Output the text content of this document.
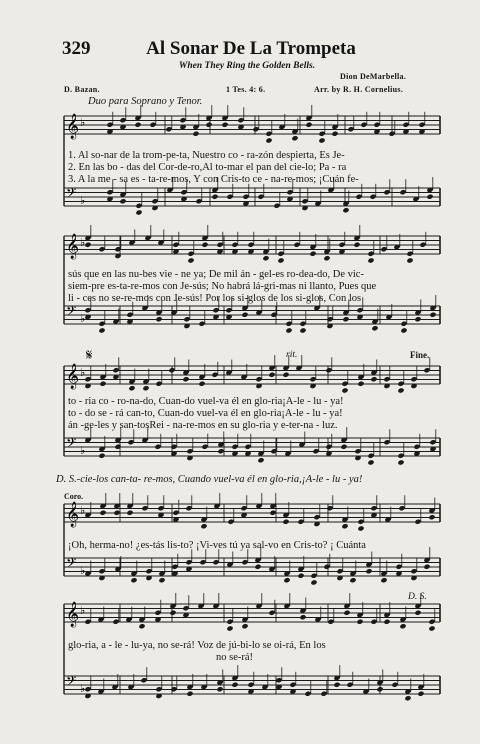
329	Al Sonar De La Trompeta
When They Ring the Golden Bells.
Dion DeMarbella.
D. Bazan.	1 Tes. 4: 6.	Arr. by R. H. Cornelius.
Duo para Soprano y Tenor.
𝄞 ♭
𝄢 ♭
𝄞 ♭
𝄢 ♭
𝄞 ♭
𝄢 ♭
𝄞 ♭
𝄢 ♭
𝄞 ♭
𝄢 ♭
1. Al so-nar de la trom-pe-ta, Nuestro co - ra-zón despierta, Es Je-
2. En las bo - das del Cor-de-ro,Al to-mar el pan del cie-lo; Pa - ra
3. A la me - sa es - ta-re-mos, Y con Cris-to ce - na-re-mos; ¡Cuán fe-
sús que en las nu-bes vie - ne ya; De mil án - gel-es ro-dea-do, De vic-
siem-pre es-ta-re-mos con Je-sús; No habrá lá-gri-mas ni llanto, Pues que
li - ces no se-re-mos con Je-sús! Por los si-glos de los si-glos, Con los
𝄋	rit.	Fine.
to - ria co - ro-na-do, Cuan-do vuel-va él en glo-ria¡A-le - lu - ya!
to - do se - rá can-to, Cuan-do vuel-va él en glo-ria¡A-le - lu - ya!
án -ge-les y san-tosRei - na-re-mos en su glo-ria y e-ter-na - luz.
D. S.-cie-los can-ta- re-mos, Cuando vuel-va él en glo-ria,¡A-le - lu - ya!
Coro.
¡Oh, herma-no! ¿es-tás lis-to? ¡Vi-ves tú ya sal-vo en Cris-to? ¡ Cuánta
D. S.
glo-ria, a - le - lu-ya, no se-rá! Voz de jú-bi-lo se oi-rá, En los
no se-rá!
